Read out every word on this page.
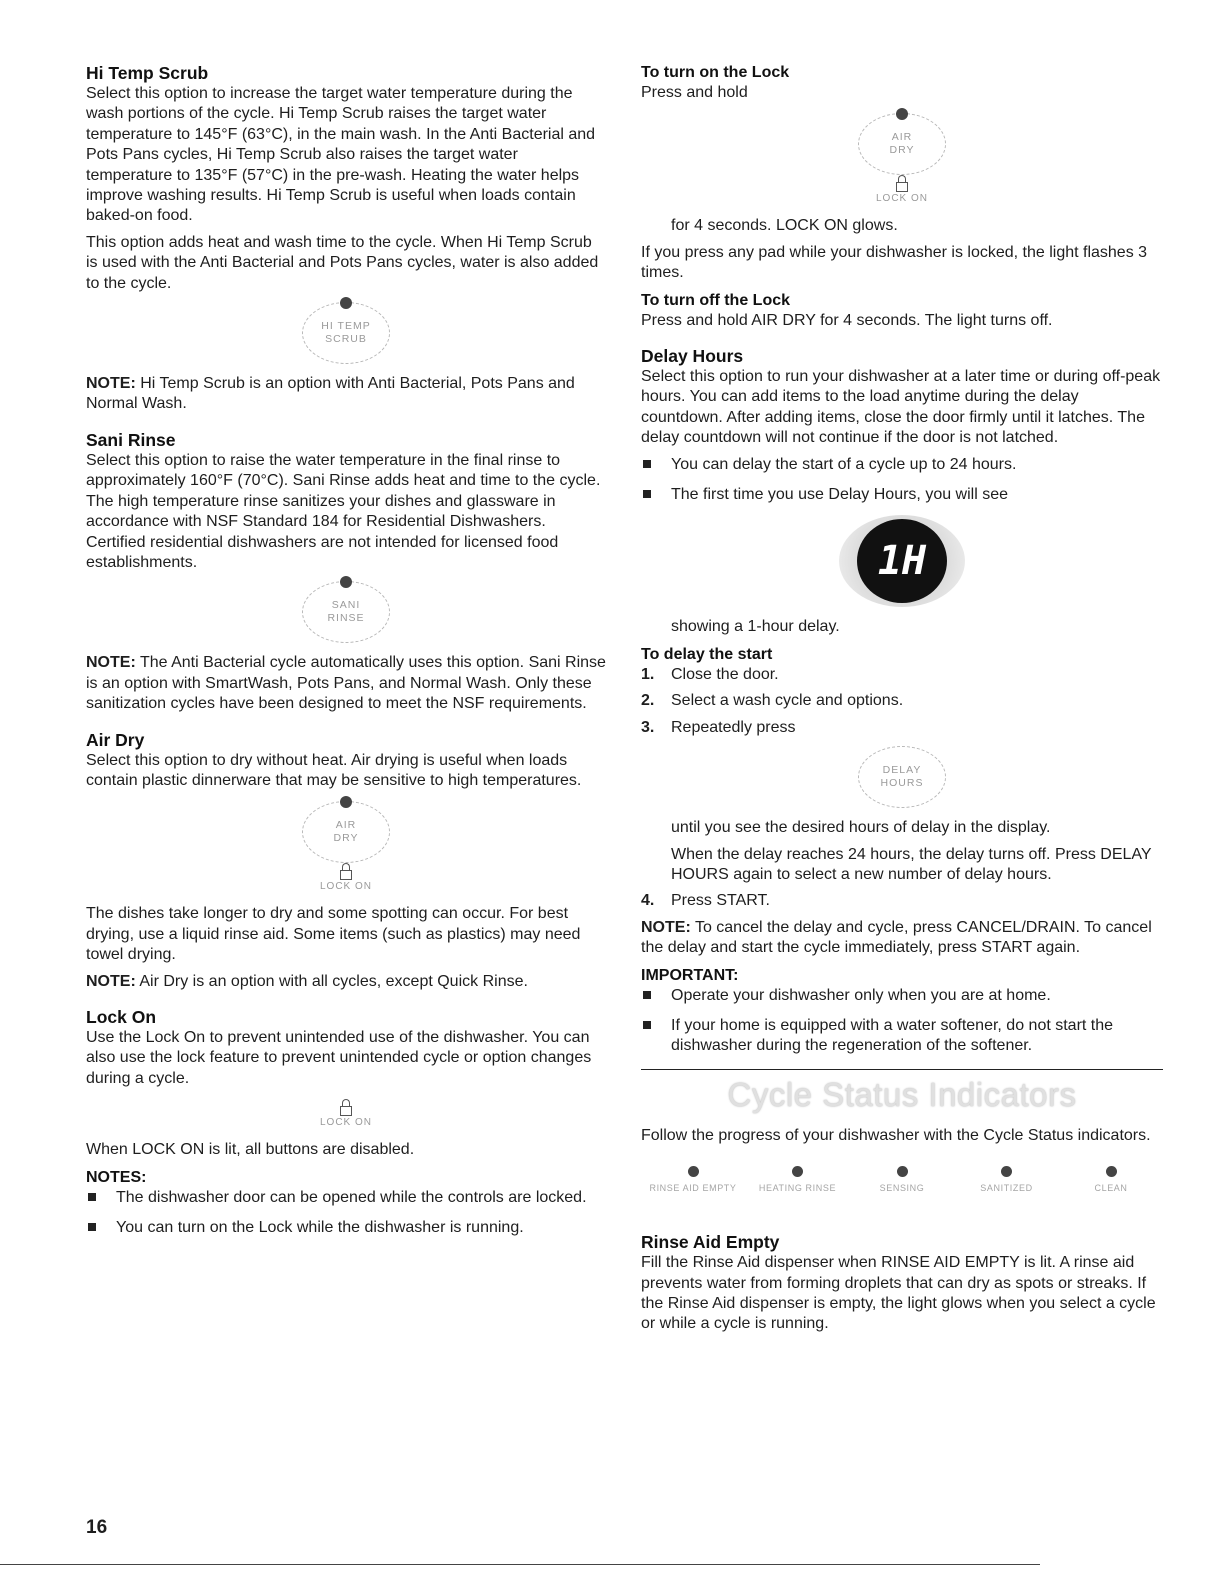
Hi Temp Scrub

Select this option to increase the target water temperature during the wash portions of the cycle. Hi Temp Scrub raises the target water temperature to 145°F (63°C), in the main wash. In the Anti Bacterial and Pots Pans cycles, Hi Temp Scrub also raises the target water temperature to 135°F (57°C) in the pre-wash. Heating the water helps improve washing results. Hi Temp Scrub is useful when loads contain baked-on food.

This option adds heat and wash time to the cycle. When Hi Temp Scrub is used with the Anti Bacterial and Pots Pans cycles, water is also added to the cycle.

HI TEMP
SCRUB

NOTE: Hi Temp Scrub is an option with Anti Bacterial, Pots Pans and Normal Wash.

Sani Rinse

Select this option to raise the water temperature in the final rinse to approximately 160°F (70°C). Sani Rinse adds heat and time to the cycle. The high temperature rinse sanitizes your dishes and glassware in accordance with NSF Standard 184 for Residential Dishwashers. Certified residential dishwashers are not intended for licensed food establishments.

SANI
RINSE

NOTE: The Anti Bacterial cycle automatically uses this option. Sani Rinse is an option with SmartWash, Pots Pans, and Normal Wash. Only these sanitization cycles have been designed to meet the NSF requirements.

Air Dry

Select this option to dry without heat. Air drying is useful when loads contain plastic dinnerware that may be sensitive to high temperatures.

AIR
DRY
LOCK ON

The dishes take longer to dry and some spotting can occur. For best drying, use a liquid rinse aid. Some items (such as plastics) may need towel drying.

NOTE: Air Dry is an option with all cycles, except Quick Rinse.

Lock On

Use the Lock On to prevent unintended use of the dishwasher. You can also use the lock feature to prevent unintended cycle or option changes during a cycle.

LOCK ON

When LOCK ON is lit, all buttons are disabled.

NOTES:
The dishwasher door can be opened while the controls are locked.
You can turn on the Lock while the dishwasher is running.
To turn on the Lock

Press and hold

AIR
DRY
LOCK ON

for 4 seconds. LOCK ON glows.

If you press any pad while your dishwasher is locked, the light flashes 3 times.

To turn off the Lock

Press and hold AIR DRY for 4 seconds. The light turns off.

Delay Hours

Select this option to run your dishwasher at a later time or during off-peak hours. You can add items to the load anytime during the delay countdown. After adding items, close the door firmly until it latches. The delay countdown will not continue if the door is not latched.

You can delay the start of a cycle up to 24 hours.
The first time you use Delay Hours, you will see
1H

showing a 1-hour delay.

To delay the start
1.	Close the door.
2.	Select a wash cycle and options.
3.	Repeatedly press
DELAY
HOURS

until you see the desired hours of delay in the display.

When the delay reaches 24 hours, the delay turns off. Press DELAY HOURS again to select a new number of delay hours.

4.	Press START.

NOTE: To cancel the delay and cycle, press CANCEL/DRAIN. To cancel the delay and start the cycle immediately, press START again.

IMPORTANT:
Operate your dishwasher only when you are at home.
If your home is equipped with a water softener, do not start the dishwasher during the regeneration of the softener.
Cycle Status Indicators

Follow the progress of your dishwasher with the Cycle Status indicators.

RINSE AID EMPTY HEATING RINSE	SENSING	SANITIZED	CLEAN
Rinse Aid Empty

Fill the Rinse Aid dispenser when RINSE AID EMPTY is lit. A rinse aid prevents water from forming droplets that can dry as spots or streaks. If the Rinse Aid dispenser is empty, the light glows when you select a cycle or while a cycle is running.

16
